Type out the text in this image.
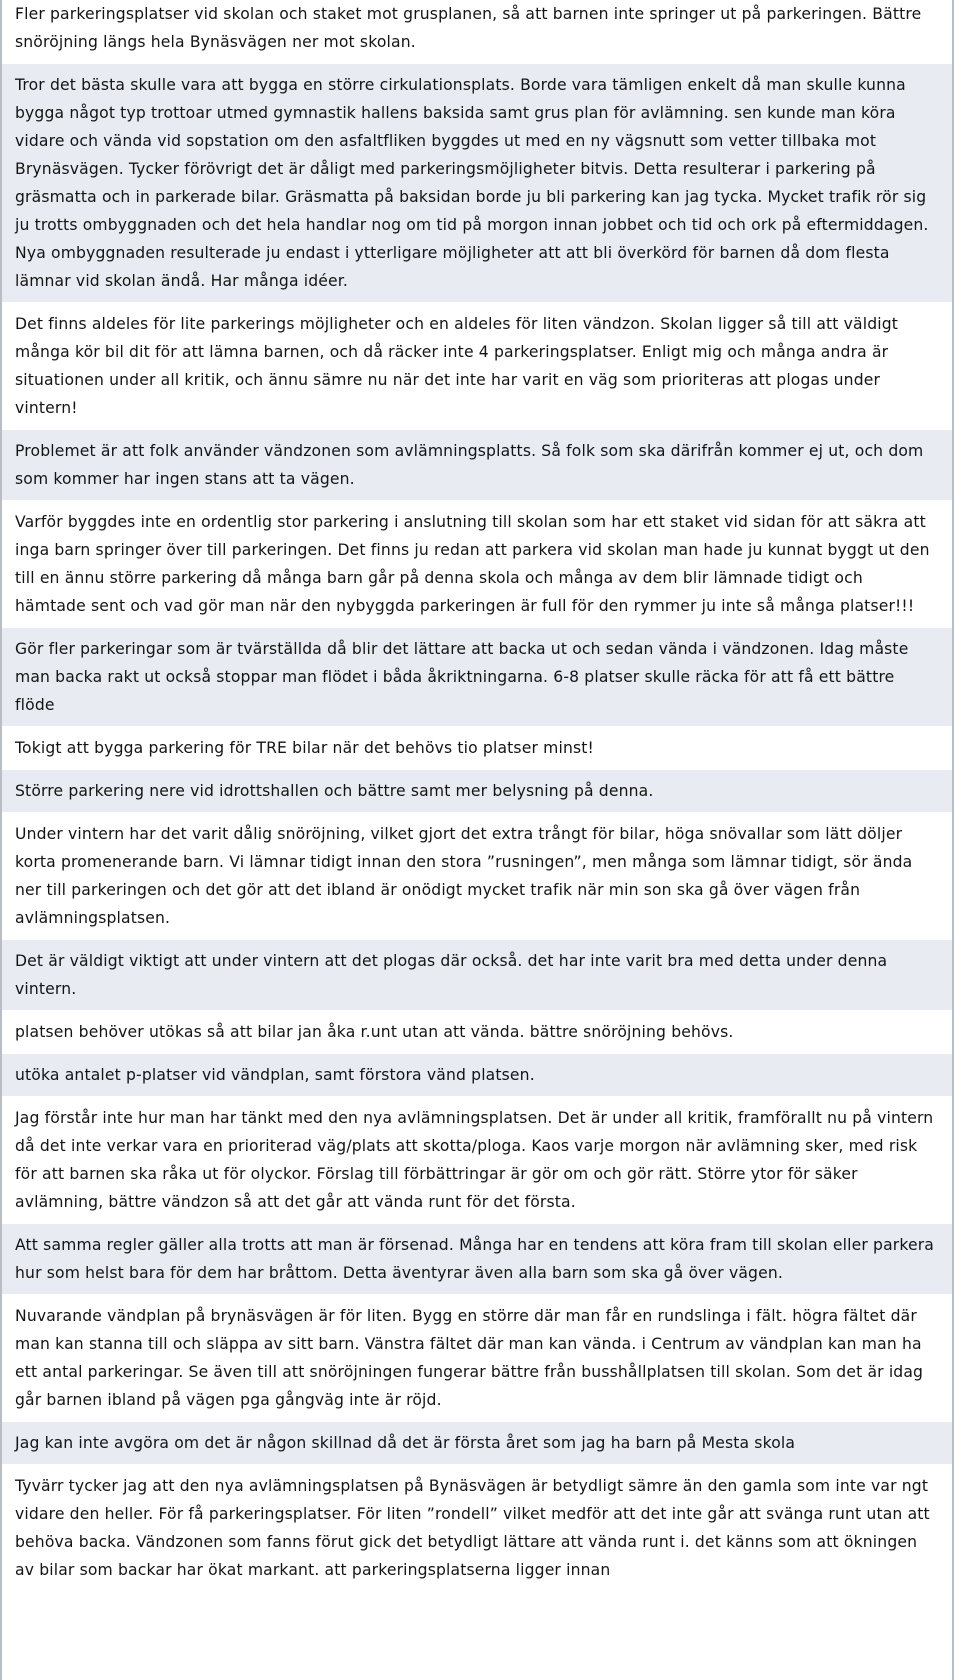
Fler parkeringsplatser vid skolan och staket mot grusplanen, så att barnen inte springer ut på parkeringen. Bättre snöröjning längs hela Bynäsvägen ner mot skolan.
Tror det bästa skulle vara att bygga en större cirkulationsplats. Borde vara tämligen enkelt då man skulle kunna bygga något typ trottoar utmed gymnastik hallens baksida samt grus plan för avlämning. sen kunde man köra vidare och vända vid sopstation om den asfaltfliken byggdes ut med en ny vägsnutt som vetter tillbaka mot Brynäsvägen. Tycker förövrigt det är dåligt med parkeringsmöjligheter bitvis. Detta resulterar i parkering på gräsmatta och in parkerade bilar. Gräsmatta på baksidan borde ju bli parkering kan jag tycka. Mycket trafik rör sig ju trotts ombyggnaden och det hela handlar nog om tid på morgon innan jobbet och tid och ork på eftermiddagen. Nya ombyggnaden resulterade ju endast i ytterligare möjligheter att att bli överkörd för barnen då dom flesta lämnar vid skolan ändå. Har många idéer.
Det finns aldeles för lite parkerings möjligheter och en aldeles för liten vändzon. Skolan ligger så till att väldigt många kör bil dit för att lämna barnen, och då räcker inte 4 parkeringsplatser. Enligt mig och många andra är situationen under all kritik, och ännu sämre nu när det inte har varit en väg som prioriteras att plogas under vintern!
Problemet är att folk använder vändzonen som avlämningsplatts. Så folk som ska därifrån kommer ej ut, och dom som kommer har ingen stans att ta vägen.
Varför byggdes inte en ordentlig stor parkering i anslutning till skolan som har ett staket vid sidan för att säkra att inga barn springer över till parkeringen. Det finns ju redan att parkera vid skolan man hade ju kunnat byggt ut den till en ännu större parkering då många barn går på denna skola och många av dem blir lämnade tidigt och hämtade sent och vad gör man när den nybyggda parkeringen är full för den rymmer ju inte så många platser!!!
Gör fler parkeringar som är tvärställda då blir det lättare att backa ut och sedan vända i vändzonen. Idag måste man backa rakt ut också stoppar man flödet i båda åkriktningarna. 6-8 platser skulle räcka för att få ett bättre flöde
Tokigt att bygga parkering för TRE bilar när det behövs tio platser minst!
Större parkering nere vid idrottshallen och bättre samt mer belysning på denna.
Under vintern har det varit dålig snöröjning, vilket gjort det extra trångt för bilar, höga snövallar som lätt döljer korta promenerande barn. Vi lämnar tidigt innan den stora ”rusningen”, men många som lämnar tidigt, sör ända ner till parkeringen och det gör att det ibland är onödigt mycket trafik när min son ska gå över vägen från avlämningsplatsen.
Det är väldigt viktigt att under vintern att det plogas där också. det har inte varit bra med detta under denna vintern.
platsen behöver utökas så att bilar jan åka r.unt utan att vända. bättre snöröjning behövs.
utöka antalet p-platser vid vändplan, samt förstora vänd platsen.
Jag förstår inte hur man har tänkt med den nya avlämningsplatsen. Det är under all kritik, framförallt nu på vintern då det inte verkar vara en prioriterad väg/plats att skotta/ploga. Kaos varje morgon när avlämning sker, med risk för att barnen ska råka ut för olyckor. Förslag till förbättringar är gör om och gör rätt. Större ytor för säker avlämning, bättre vändzon så att det går att vända runt för det första.
Att samma regler gäller alla trotts att man är försenad. Många har en tendens att köra fram till skolan eller parkera hur som helst bara för dem har bråttom. Detta äventyrar även alla barn som ska gå över vägen.
Nuvarande vändplan på brynäsvägen är för liten. Bygg en större där man får en rundslinga i fält. högra fältet där man kan stanna till och släppa av sitt barn. Vänstra fältet där man kan vända. i Centrum av vändplan kan man ha ett antal parkeringar. Se även till att snöröjningen fungerar bättre från busshållplatsen till skolan. Som det är idag går barnen ibland på vägen pga gångväg inte är röjd.
Jag kan inte avgöra om det är någon skillnad då det är första året som jag ha barn på Mesta skola
Tyvärr tycker jag att den nya avlämningsplatsen på Bynäsvägen är betydligt sämre än den gamla som inte var ngt vidare den heller. För få parkeringsplatser. För liten ”rondell” vilket medför att det inte går att svänga runt utan att behöva backa. Vändzonen som fanns förut gick det betydligt lättare att vända runt i. det känns som att ökningen av bilar som backar har ökat markant. att parkeringsplatserna ligger innan
